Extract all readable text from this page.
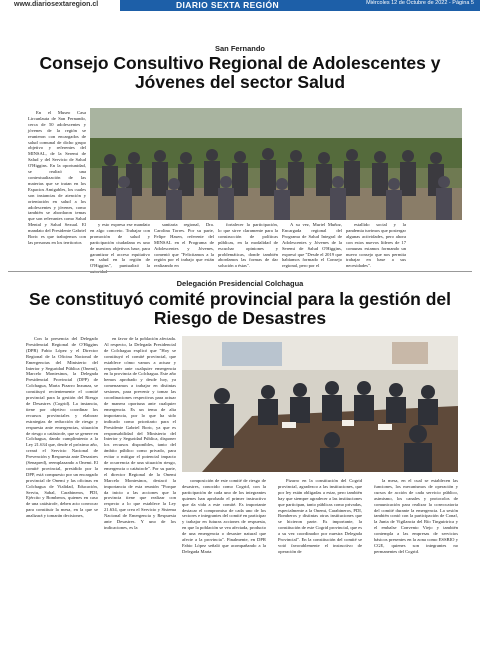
www.diariosextaregion.cl	DIARIO SEXTA REGIÓN	Miércoles 12 de Octubre de 2022 - Página 5
San Fernando
Consejo Consultivo Regional de Adolescentes y Jóvenes del sector Salud

En el Museo Casa Lircunlauta de San Fernando, cerca de 50 adolescentes y jóvenes de la región se reunieron con encargados de salud comunal de dicho grupo objetivo y referentes del MINSAL, de la Seremi de Salud y del Servicio de Salud O'Higgins. En la oportunidad, se realizó una contextualización de las materias que se tratan en los Espacios Amigables, los cuales son instancias de atención y orientación en salud a los adolescentes y jóvenes, como también se abordaron temas que son relevantes como Salud Mental y Salud Sexual. El mandato del Presidente Gabriel Boric es que trabajemos con las personas en los territorios

y esto expresa ese mandato en algo concreto. Trabajar con promoción de salud y participación ciudadana es uno de nuestros objetivos base, para garantizar el acceso equitativo en salud en la región de O'Higgins", puntualizó la

sanitaria regional, Dra. Carolina Torres. Por su parte, Felipe Hasen, referente del MINSAL en el Programa de Adolescentes y Jóvenes, comentó que "Felicitamos a la región por el trabajo que están realizando en

fortalecer la participación, lo que sirve claramente para la construcción de políticas públicas, en la modalidad de escuchar opiniones y problemáticas, donde también abordamos las formas de dar solución a éstas".

A su vez, Muriel Muñoz, Encargada regional del Programa de Salud Integral de Adolescentes y Jóvenes de la Seremi de Salud O'Higgins, expresó que "Desde el 2019 que habíamos formado el Consejo regional, pero por el

estallido social y la pandemia tuvimos que postergar algunas actividades, pero ahora con estos nuevos líderes de 17 comunas estamos formando un nuevo consejo que nos permita trabajar en base a sus necesidades".

Delegación Presidencial Colchagua
Se constituyó comité provincial para la gestión del Riesgo de Desastres

Con la presencia del Delegado Presidencial Regional de O'Higgins (DPR) Fabio López y el Director Regional de la Oficina Nacional de Emergencias del Ministerio del Interior y Seguridad Pública (Onemi), Marcelo Montesinos, la Delegada Presidencial Provincial (DPP) de Colchagua, Marta Pizarro Inzunza, se constituyó recientemente el comité provincial para la gestión del Riesgo de Desastres (Cogrid). La instancia, tiene por objetivo coordinar los recursos provinciales y elaborar estrategias de reducción de riesgo y respuesta ante emergencias, situación de riesgo o catástrofe, que se genere en Colchagua, dando cumplimiento a la Ley 21.634 que, desde el próximo año, creará el Servicio Nacional de Prevención y Respuesta ante Desastres (Senapred), reemplazando a Onemi. El comité provincial, presidido por la DPP, está compuesto por un encargado provincial de Onemi y las oficinas en Colchagua de Vialidad, Educación, Serviu, Sabal, Carabineros, PDI, Ejército y Bomberos, quienes en caso de una catástrofe, deben acto convocar para constituir la mesa, en la que se analizará y tomarán decisiones,

en favor de la población afectada. Al respecto, la Delegada Presidencial de Colchagua explicó que "Hoy se constituyó el comité provincial, que establece cómo vamos a actuar y responder ante cualquier emergencia en la provincia de Colchagua. Este año hemos aprobado y desde hoy, ya comenzamos a trabajar en distintas sesiones, para prevenir y tomar las coordinaciones respectivas para actuar de manera oportuna ante cualquier emergencia. Es un tema de alta importancia, por lo que ha sido indicado como prioritario para el Presidente Gabriel Boric, ya que es responsabilidad del Ministerio del Interior y Seguridad Pública, disponer los recursos disponibles, tanto del ámbito público como privado, para evitar o mitigar el potencial impacto de ocurrencia de una situación riesgo, emergencia o catástrofe". Por su parte, el director Regional de la Onemi Marcelo Montesinos, destacó la importancia de esta reunión "Porque da inicio a las acciones que la provincia tiene que realizar con respecto a lo que establece la Ley 21.634, que crea el Servicio y Sistema Nacional de Emergencia y Respuesta ante Desastres. Y uno de los indicaciones, es la

composición de este comité de riesgo de desastres, conocido como Cogrid, con la participación de cada uno de los integrantes quienes han aprobado el primer instructivo que da vida a este comité. Es importante destacar el compromiso de cada uno de los sectores e integrantes del comité en participar y trabajar en futuras acciones de respuesta, en que la población se vea afectada, producto de una emergencia o desastre natural que afecte a la provincia". Finalmente, en DPR Fabio López señaló que acompañando a la Delegada Marta

Pizarro en la constitución del Cogrid provincial, agradezco a las instituciones, que por ley están obligadas a estar, pero también hay que siempre agradecer a las instituciones que participan, tanto públicas como privadas, especialmente a la Onemi, Carabineros, PDI, Bomberos y distintas otras instituciones que se hicieron parte. Es importante, la constitución de este Cogrid provincial, que es a su vez coordinador por nuestra Delegada Provincial". En la constitución del comité se votó favorablemente el instructivo de operación de

la mesa, en el cual se establecen las funciones, los mecanismos de operación y cursos de acción de cada servicio público, asimismo, los canales y protocolos de comunicación para realizar la convocatoria del comité durante la emergencia. La sesión también contó con la participación de Conaf, la Junta de Vigilancia del Río Tinguiririca y el embalse Convento Viejo y también contempla a las empresas de servicios básicos presentes en la zona como ESSBIO y CGE, quienes son integrantes no permanentes del Cogrid.
